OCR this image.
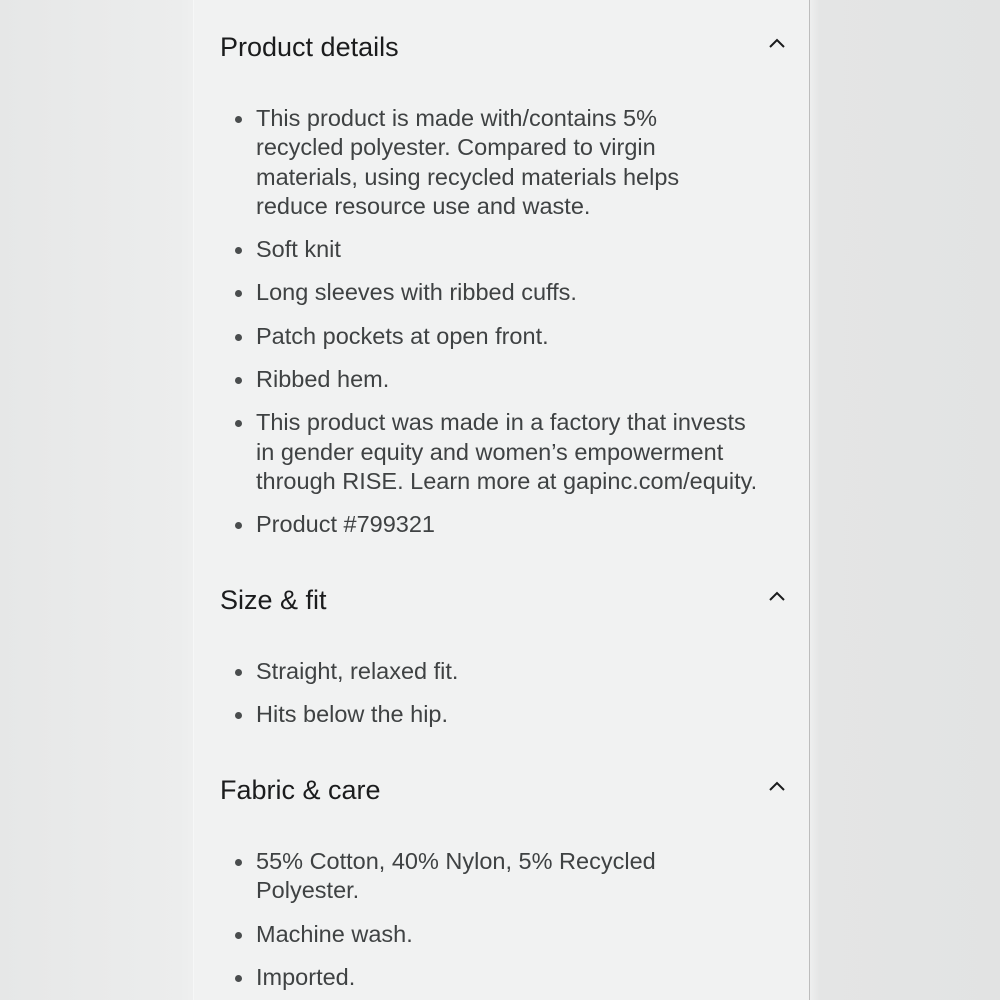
Product details
This product is made with/contains 5%
recycled polyester. Compared to virgin
materials, using recycled materials helps
reduce resource use and waste.
Soft knit
Long sleeves with ribbed cuffs.
Patch pockets at open front.
Ribbed hem.
This product was made in a factory that invests
in gender equity and women’s empowerment
through RISE. Learn more at gapinc.com/equity.
Product #799321
Size & fit
Straight, relaxed fit.
Hits below the hip.
Fabric & care
55% Cotton, 40% Nylon, 5% Recycled
Polyester.
Machine wash.
Imported.
